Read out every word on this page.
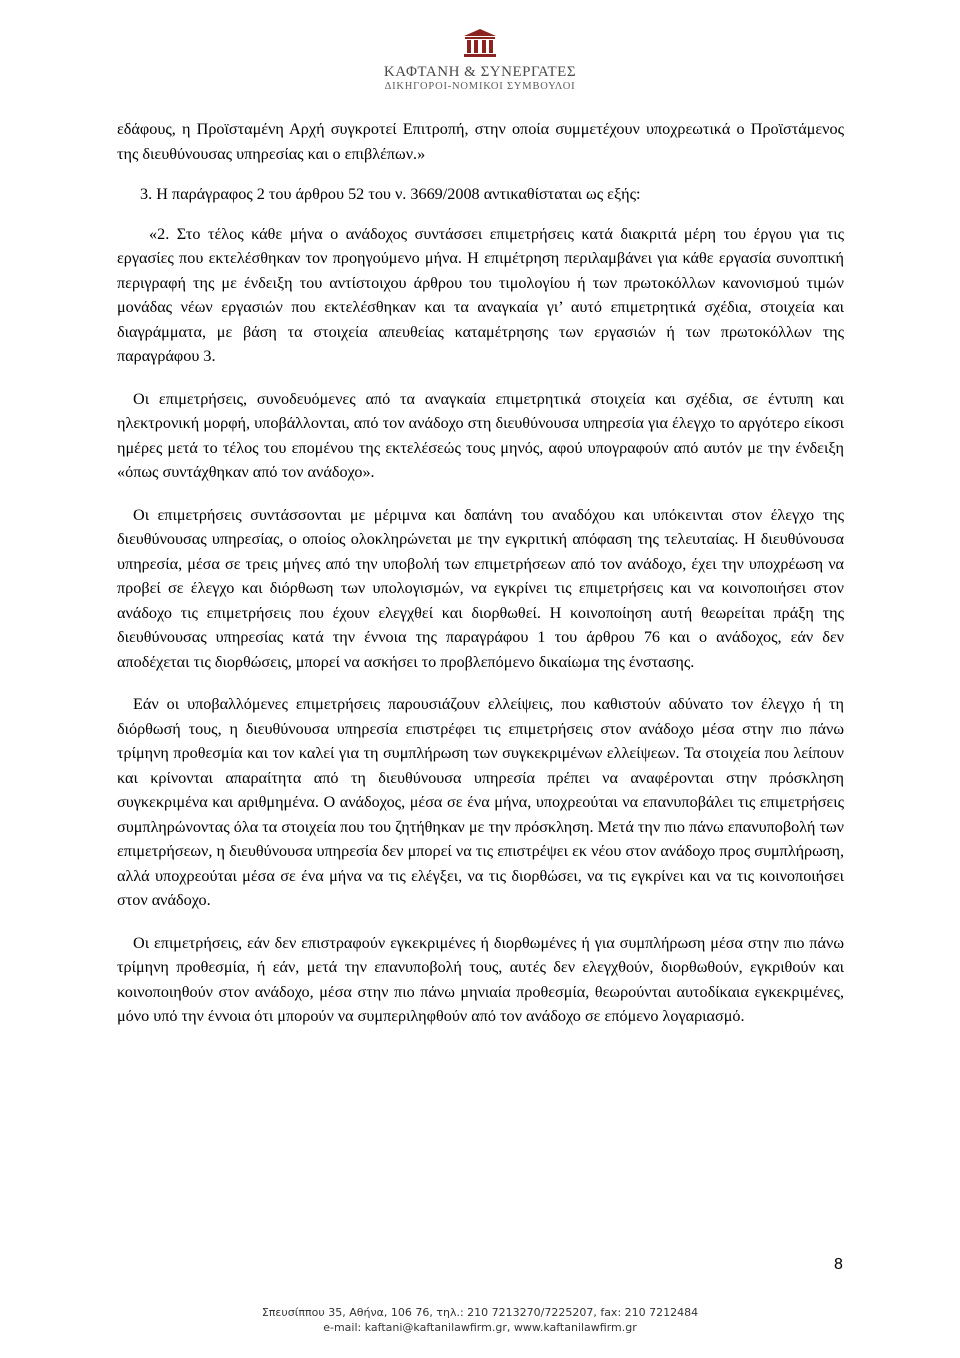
ΚΑΦΤΑΝΗ & ΣΥΝΕΡΓΑΤΕΣ
ΔΙΚΗΓΟΡΟΙ-ΝΟΜΙΚΟΙ ΣΥΜΒΟΥΛΟΙ

εδάφους, η Προϊσταμένη Αρχή συγκροτεί Επιτροπή, στην οποία συμμετέχουν υποχρεωτικά ο Προϊστάμενος της διευθύνουσας υπηρεσίας και ο επιβλέπων.»

3. Η παράγραφος 2 του άρθρου 52 του ν. 3669/2008 αντικαθίσταται ως εξής:

«2. Στο τέλος κάθε μήνα ο ανάδοχος συντάσσει επιμετρήσεις κατά διακριτά μέρη του έργου για τις εργασίες που εκτελέσθηκαν τον προηγούμενο μήνα. Η επιμέτρηση περιλαμβάνει για κάθε εργασία συνοπτική περιγραφή της με ένδειξη του αντίστοιχου άρθρου του τιμολογίου ή των πρωτοκόλλων κανονισμού τιμών μονάδας νέων εργασιών που εκτελέσθηκαν και τα αναγκαία γι’ αυτό επιμετρητικά σχέδια, στοιχεία και διαγράμματα, με βάση τα στοιχεία απευθείας καταμέτρησης των εργασιών ή των πρωτοκόλλων της παραγράφου 3.

Οι επιμετρήσεις, συνοδευόμενες από τα αναγκαία επιμετρητικά στοιχεία και σχέδια, σε έντυπη και ηλεκτρονική μορφή, υποβάλλονται, από τον ανάδοχο στη διευθύνουσα υπηρεσία για έλεγχο το αργότερο είκοσι ημέρες μετά το τέλος του επομένου της εκτελέσεώς τους μηνός, αφού υπογραφούν από αυτόν με την ένδειξη «όπως συντάχθηκαν από τον ανάδοχο».

Οι επιμετρήσεις συντάσσονται με μέριμνα και δαπάνη του αναδόχου και υπόκεινται στον έλεγχο της διευθύνουσας υπηρεσίας, ο οποίος ολοκληρώνεται με την εγκριτική απόφαση της τελευταίας. Η διευθύνουσα υπηρεσία, μέσα σε τρεις μήνες από την υποβολή των επιμετρήσεων από τον ανάδοχο, έχει την υποχρέωση να προβεί σε έλεγχο και διόρθωση των υπολογισμών, να εγκρίνει τις επιμετρήσεις και να κοινοποιήσει στον ανάδοχο τις επιμετρήσεις που έχουν ελεγχθεί και διορθωθεί. Η κοινοποίηση αυτή θεωρείται πράξη της διευθύνουσας υπηρεσίας κατά την έννοια της παραγράφου 1 του άρθρου 76 και ο ανάδοχος, εάν δεν αποδέχεται τις διορθώσεις, μπορεί να ασκήσει το προβλεπόμενο δικαίωμα της ένστασης.

Εάν οι υποβαλλόμενες επιμετρήσεις παρουσιάζουν ελλείψεις, που καθιστούν αδύνατο τον έλεγχο ή τη διόρθωσή τους, η διευθύνουσα υπηρεσία επιστρέφει τις επιμετρήσεις στον ανάδοχο μέσα στην πιο πάνω τρίμηνη προθεσμία και τον καλεί για τη συμπλήρωση των συγκεκριμένων ελλείψεων. Τα στοιχεία που λείπουν και κρίνονται απαραίτητα από τη διευθύνουσα υπηρεσία πρέπει να αναφέρονται στην πρόσκληση συγκεκριμένα και αριθμημένα. Ο ανάδοχος, μέσα σε ένα μήνα, υποχρεούται να επανυποβάλει τις επιμετρήσεις συμπληρώνοντας όλα τα στοιχεία που του ζητήθηκαν με την πρόσκληση. Μετά την πιο πάνω επανυποβολή των επιμετρήσεων, η διευθύνουσα υπηρεσία δεν μπορεί να τις επιστρέψει εκ νέου στον ανάδοχο προς συμπλήρωση, αλλά υποχρεούται μέσα σε ένα μήνα να τις ελέγξει, να τις διορθώσει, να τις εγκρίνει και να τις κοινοποιήσει στον ανάδοχο.

Οι επιμετρήσεις, εάν δεν επιστραφούν εγκεκριμένες ή διορθωμένες ή για συμπλήρωση μέσα στην πιο πάνω τρίμηνη προθεσμία, ή εάν, μετά την επανυποβολή τους, αυτές δεν ελεγχθούν, διορθωθούν, εγκριθούν και κοινοποιηθούν στον ανάδοχο, μέσα στην πιο πάνω μηνιαία προθεσμία, θεωρούνται αυτοδίκαια εγκεκριμένες, μόνο υπό την έννοια ότι μπορούν να συμπεριληφθούν από τον ανάδοχο σε επόμενο λογαριασμό.

8
Σπευσίππου 35, Αθήνα, 106 76, τηλ.: 210 7213270/7225207, fax: 210 7212484
e-mail: kaftani@kaftanilawfirm.gr, www.kaftanilawfirm.gr
